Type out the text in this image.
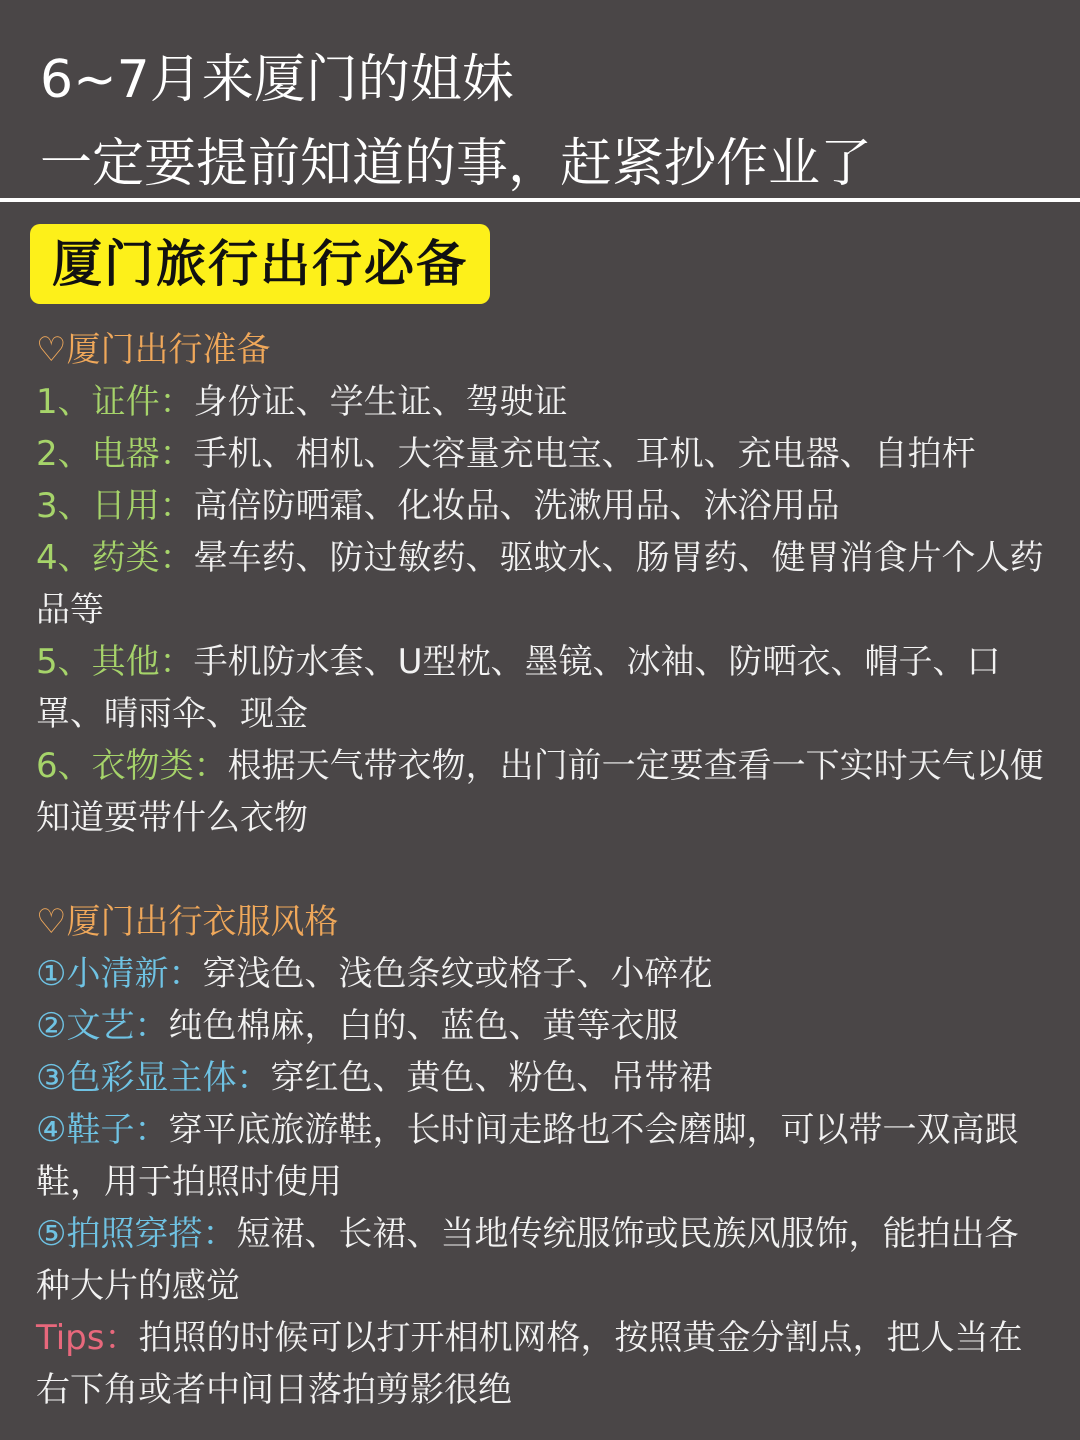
6~7月来厦门的姐妹
一定要提前知道的事，赶紧抄作业了
厦门旅行出行必备
♡厦门出行准备
1、证件：身份证、学生证、驾驶证
2、电器：手机、相机、大容量充电宝、耳机、充电器、自拍杆
3、日用：高倍防晒霜、化妆品、洗漱用品、沐浴用品
4、药类：晕车药、防过敏药、驱蚊水、肠胃药、健胃消食片个人药品等
5、其他：手机防水套、U型枕、墨镜、冰袖、防晒衣、帽子、口罩、晴雨伞、现金
6、衣物类：根据天气带衣物，出门前一定要查看一下实时天气以便知道要带什么衣物
♡厦门出行衣服风格
①小清新：穿浅色、浅色条纹或格子、小碎花
②文艺：纯色棉麻，白的、蓝色、黄等衣服
③色彩显主体：穿红色、黄色、粉色、吊带裙
④鞋子：穿平底旅游鞋，长时间走路也不会磨脚，可以带一双高跟鞋，用于拍照时使用
⑤拍照穿搭：短裙、长裙、当地传统服饰或民族风服饰，能拍出各种大片的感觉
Tips：拍照的时候可以打开相机网格，按照黄金分割点，把人当在右下角或者中间日落拍剪影很绝
